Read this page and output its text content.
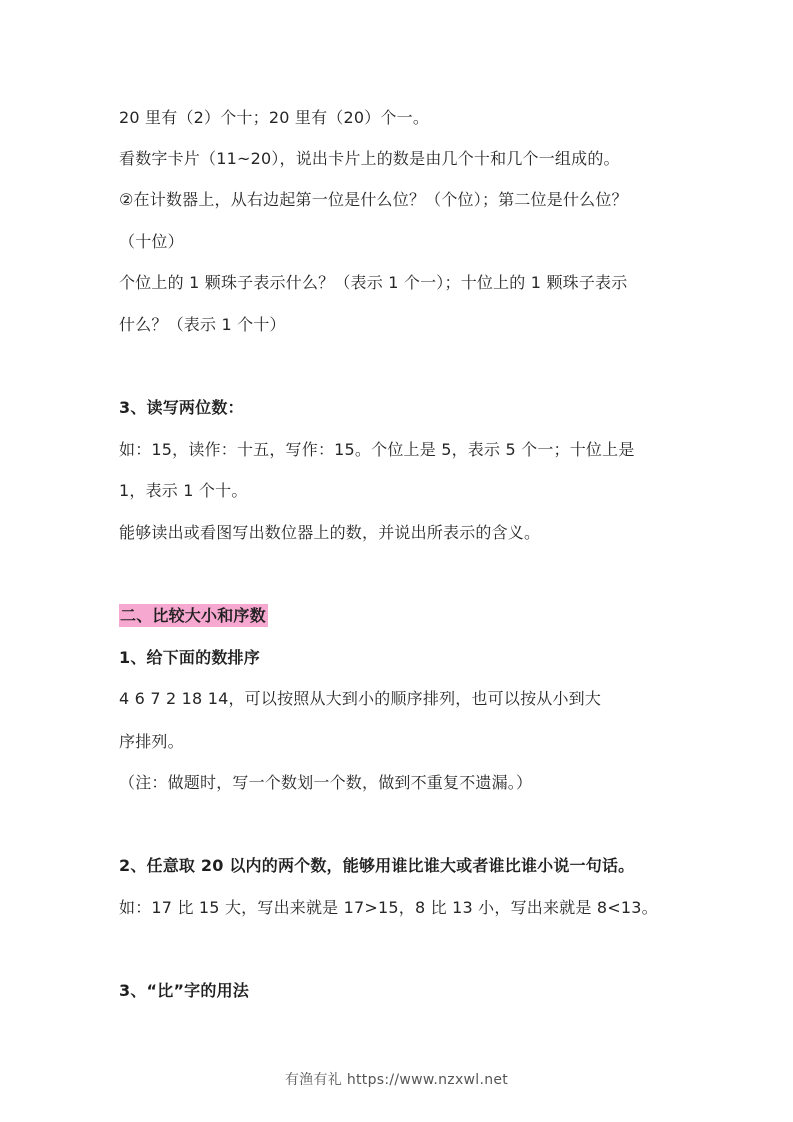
20 里有（2）个十；20 里有（20）个一。
看数字卡片（11~20），说出卡片上的数是由几个十和几个一组成的。
②在计数器上，从右边起第一位是什么位？（个位）；第二位是什么位？
（十位）
个位上的 1 颗珠子表示什么？（表示 1 个一）；十位上的 1 颗珠子表示
什么？（表示 1 个十）
3、读写两位数：
如：15，读作：十五，写作：15。个位上是 5，表示 5 个一；十位上是
1，表示 1 个十。
能够读出或看图写出数位器上的数，并说出所表示的含义。
二、比较大小和序数
1、给下面的数排序
4 6 7 2 18 14，可以按照从大到小的顺序排列，也可以按从小到大
序排列。
（注：做题时，写一个数划一个数，做到不重复不遗漏。）
2、任意取 20 以内的两个数，能够用谁比谁大或者谁比谁小说一句话。
如：17 比 15 大，写出来就是 17>15，8 比 13 小，写出来就是 8<13。
3、“比”字的用法
有渔有礼 https://www.nzxwl.net
